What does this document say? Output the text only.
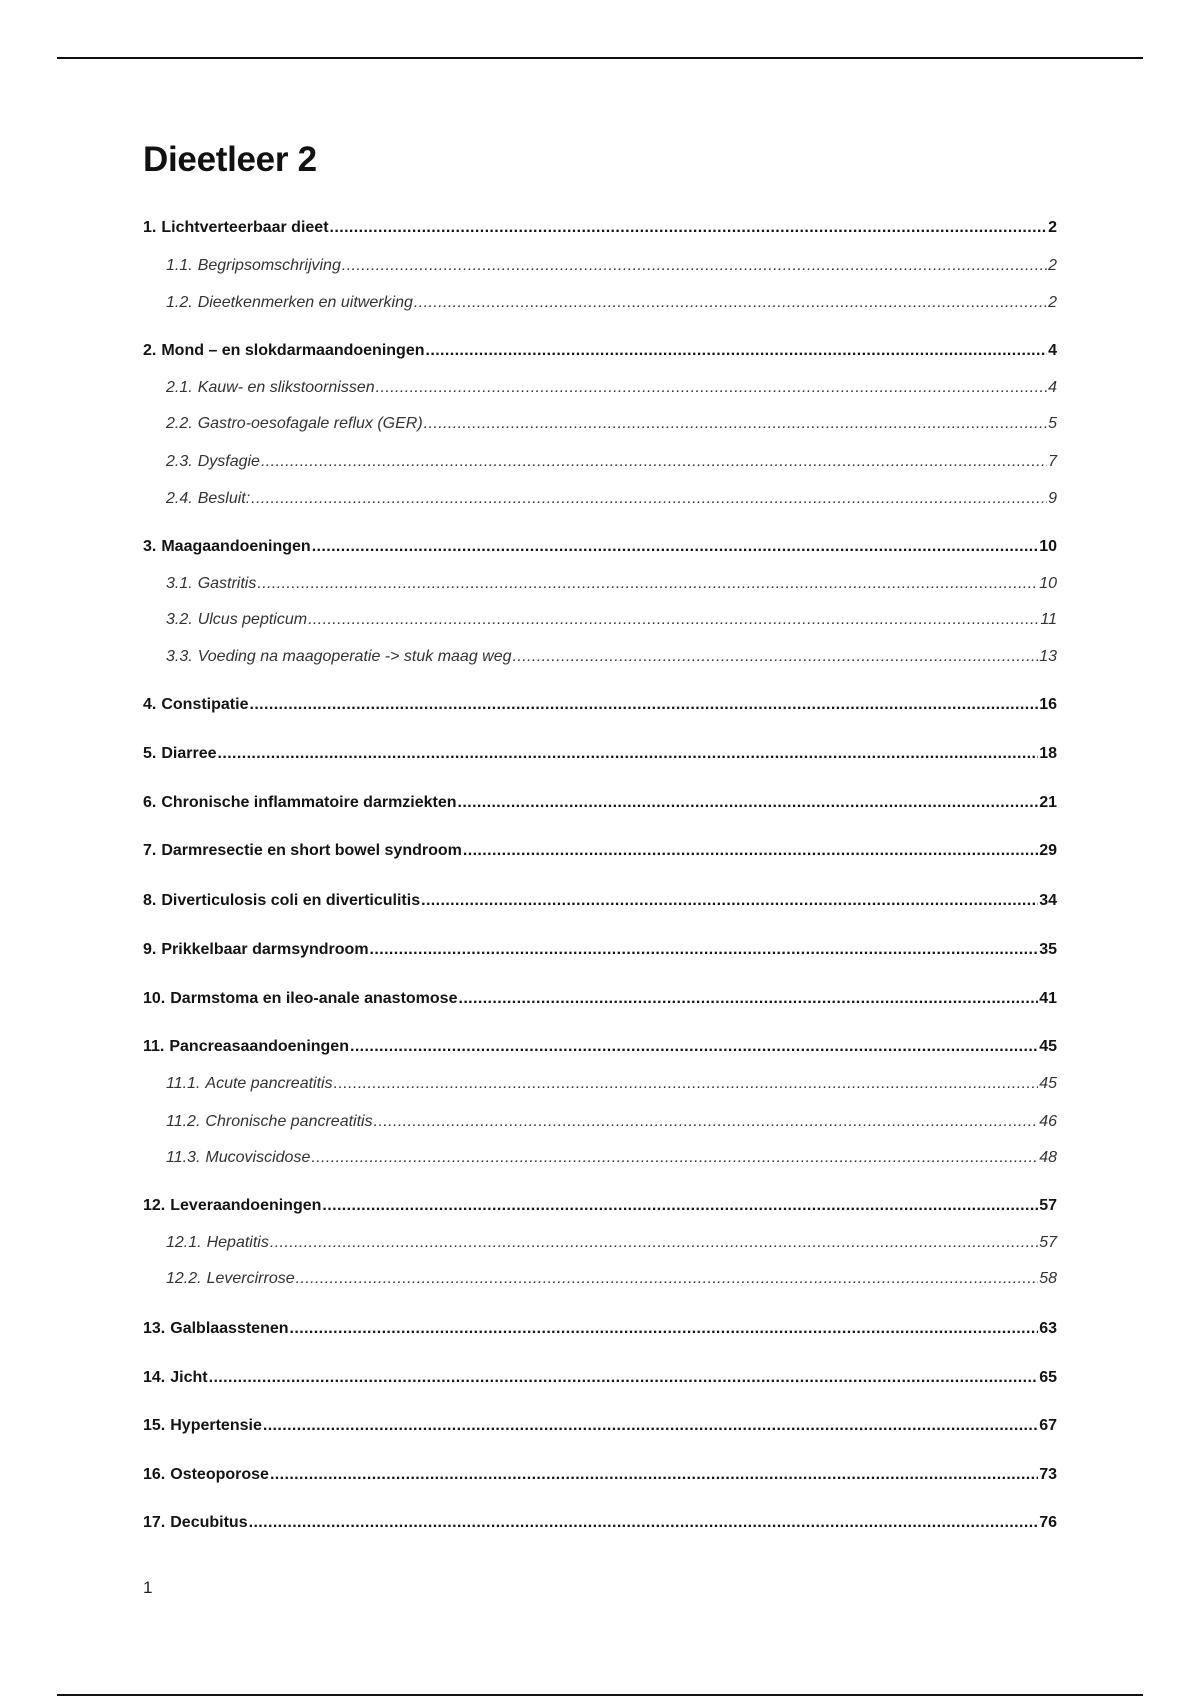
Dieetleer 2
1. Lichtverteerbaar dieet .....	2
1.1. Begripsomschrijving .....	2
1.2. Dieetkenmerken en uitwerking .....	2
2. Mond – en slokdarmaandoeningen .....	4
2.1. Kauw- en slikstoornissen .....	4
2.2. Gastro-oesofagale reflux (GER) .....	5
2.3. Dysfagie .....	7
2.4. Besluit: .....	9
3. Maagaandoeningen .....	10
3.1. Gastritis .....	10
3.2. Ulcus pepticum .....	11
3.3. Voeding na maagoperatie -> stuk maag weg .....	13
4. Constipatie .....	16
5. Diarree .....	18
6. Chronische inflammatoire darmziekten .....	21
7. Darmresectie en short bowel syndroom .....	29
8. Diverticulosis coli en diverticulitis .....	34
9. Prikkelbaar darmsyndroom .....	35
10. Darmstoma en ileo-anale anastomose .....	41
11. Pancreasaandoeningen .....	45
11.1. Acute pancreatitis .....	45
11.2. Chronische pancreatitis .....	46
11.3. Mucoviscidose .....	48
12. Leveraandoeningen .....	57
12.1. Hepatitis .....	57
12.2. Levercirrose .....	58
13. Galblaasstenen .....	63
14. Jicht .....	65
15. Hypertensie .....	67
16. Osteoporose .....	73
17. Decubitus .....	76
1
